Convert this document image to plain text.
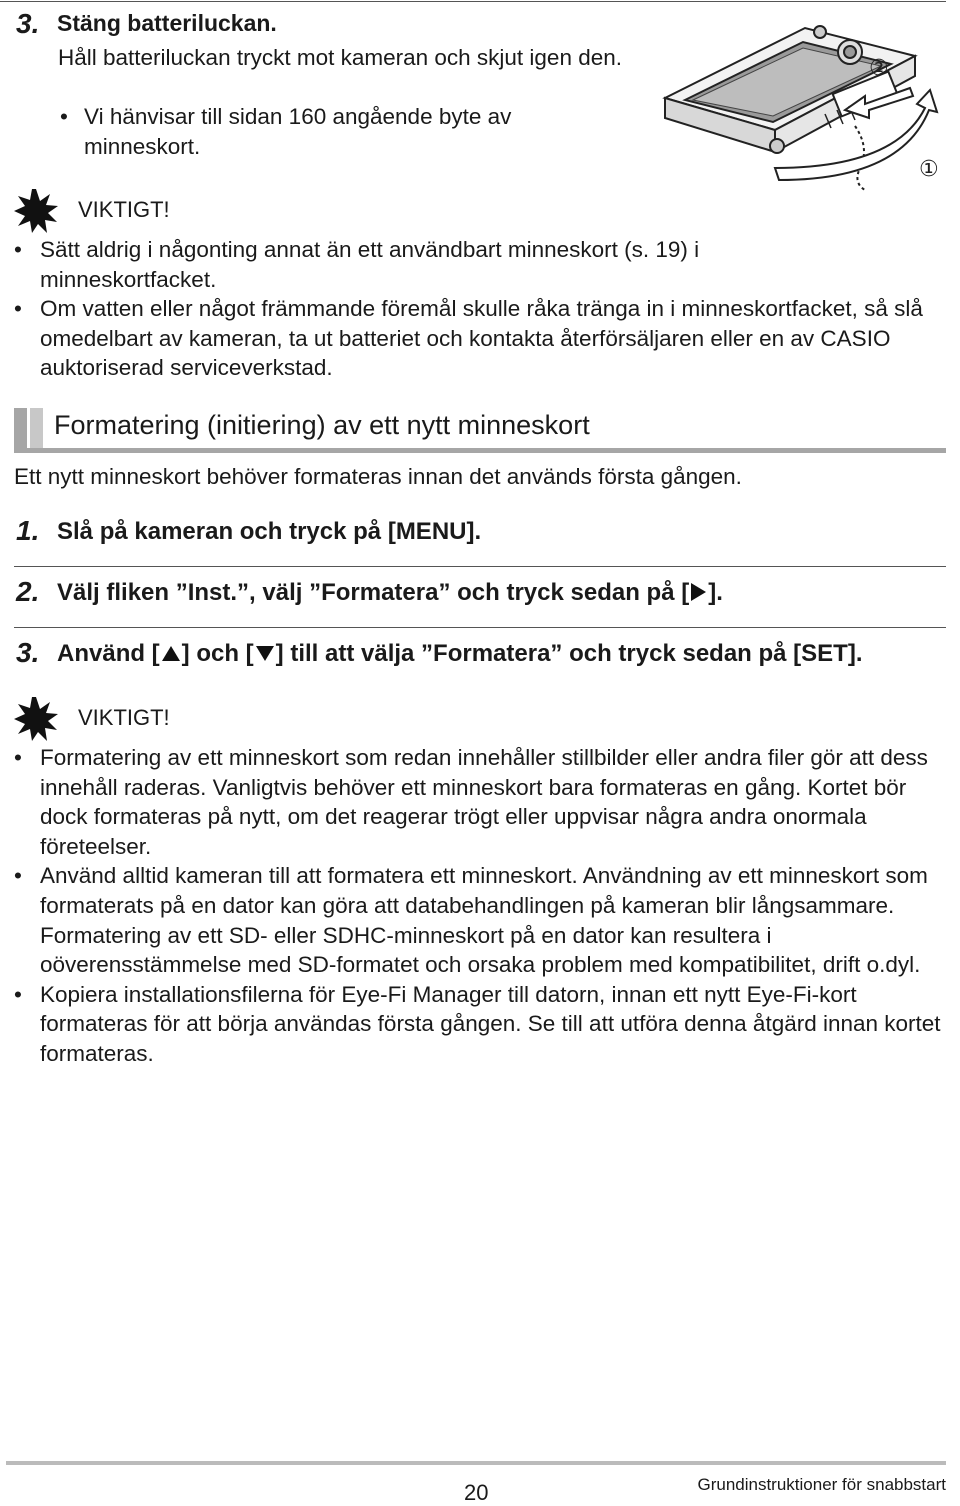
3. Stäng batteriluckan.
Håll batteriluckan tryckt mot kameran och skjut igen den.
• Vi hänvisar till sidan 160 angående byte av minneskort.
②
①
VIKTIGT!
• Sätt aldrig i någonting annat än ett användbart minneskort (s. 19) i minneskortfacket.
• Om vatten eller något främmande föremål skulle råka tränga in i minneskortfacket, så slå omedelbart av kameran, ta ut batteriet och kontakta återförsäljaren eller en av CASIO auktoriserad serviceverkstad.
Formatering (initiering) av ett nytt minneskort
Ett nytt minneskort behöver formateras innan det används första gången.
1. Slå på kameran och tryck på [MENU].
2. Välj fliken ”Inst.”, välj ”Formatera” och tryck sedan på [ ].
3. Använd [ ] och [ ] till att välja ”Formatera” och tryck sedan på [SET].
VIKTIGT!
• Formatering av ett minneskort som redan innehåller stillbilder eller andra filer gör att dess innehåll raderas. Vanligtvis behöver ett minneskort bara formateras en gång. Kortet bör dock formateras på nytt, om det reagerar trögt eller uppvisar några andra onormala företeelser.
• Använd alltid kameran till att formatera ett minneskort. Användning av ett minneskort som formaterats på en dator kan göra att databehandlingen på kameran blir långsammare. Formatering av ett SD- eller SDHC-minneskort på en dator kan resultera i oöverensstämmelse med SD-formatet och orsaka problem med kompatibilitet, drift o.dyl.
• Kopiera installationsfilerna för Eye-Fi Manager till datorn, innan ett nytt Eye-Fi-kort formateras för att börja användas första gången. Se till att utföra denna åtgärd innan kortet formateras.
20	Grundinstruktioner för snabbstart
